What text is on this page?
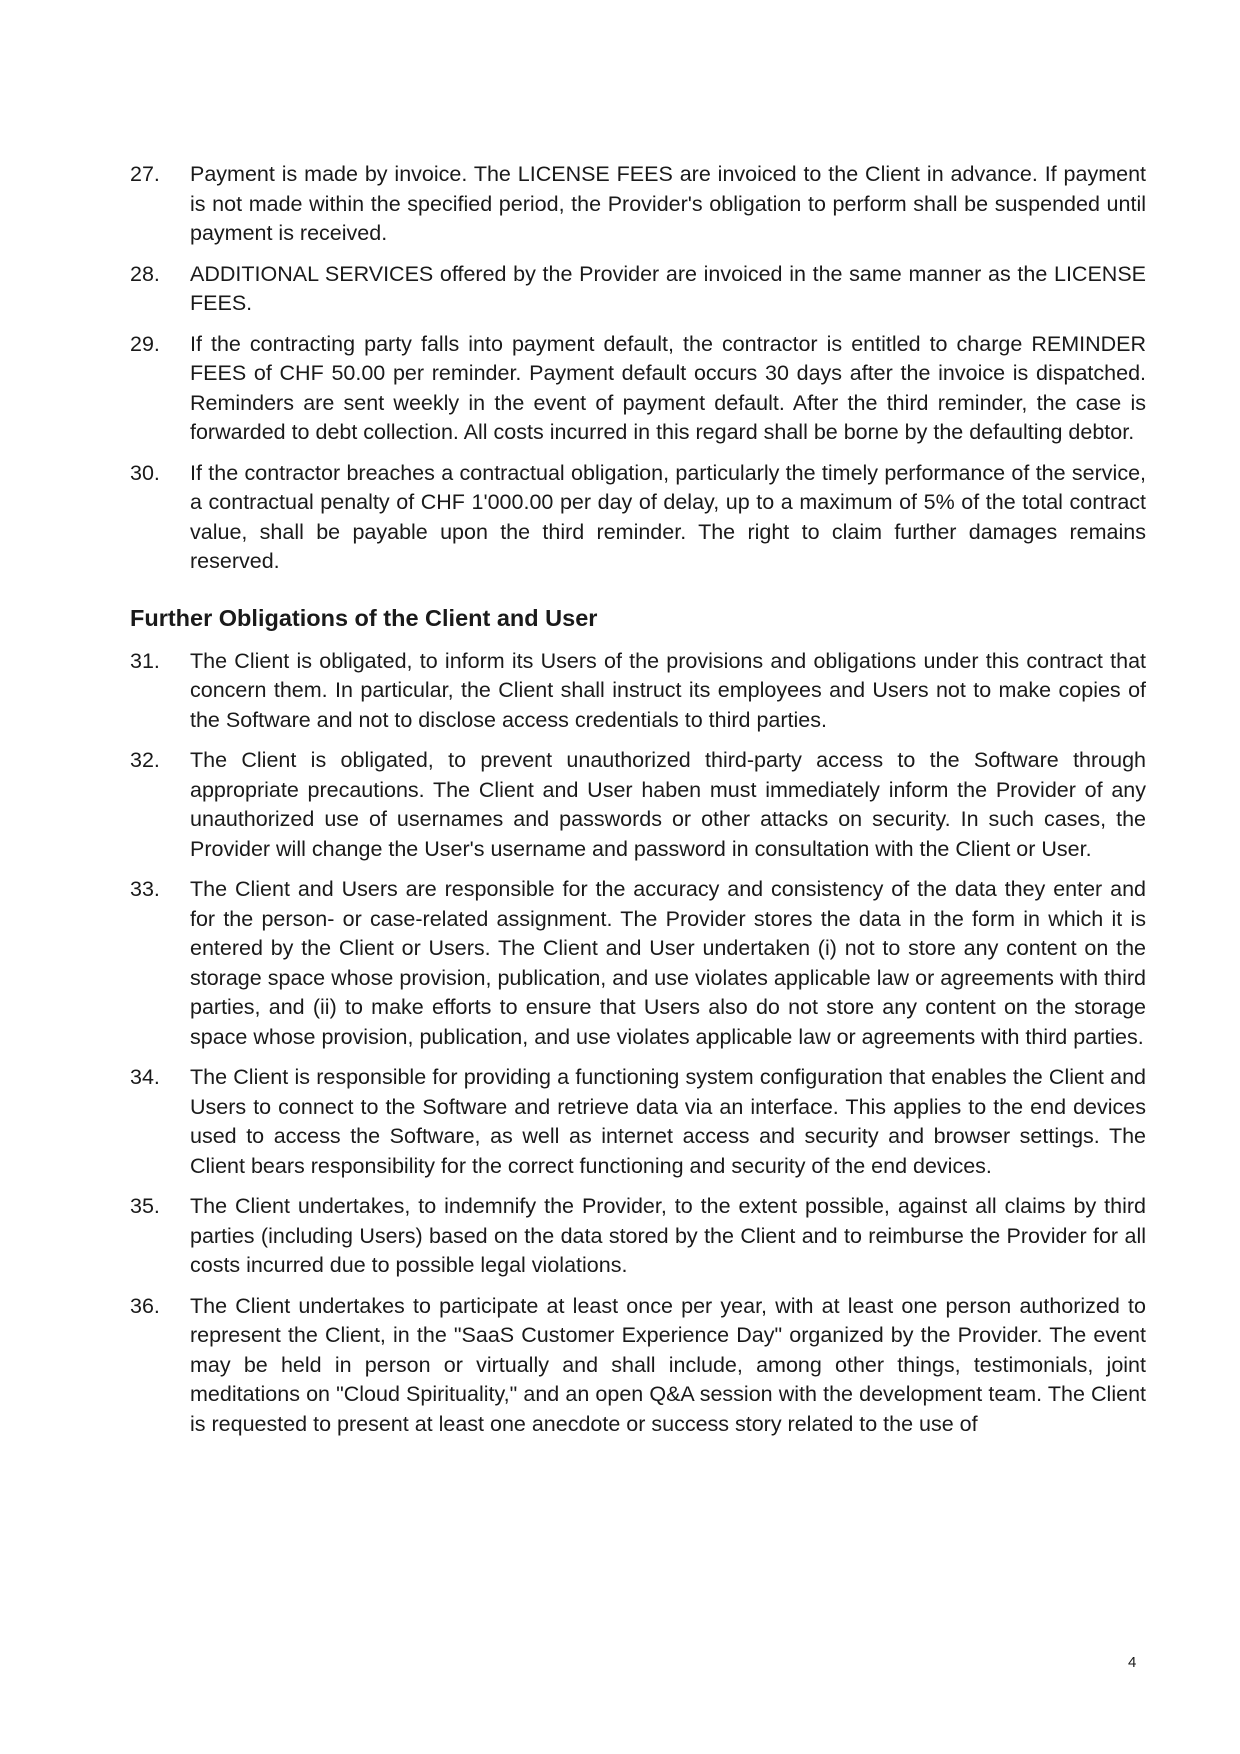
27.	Payment is made by invoice. The LICENSE FEES are invoiced to the Client in advance. If payment is not made within the specified period, the Provider's obligation to perform shall be suspended until payment is received.
28.	ADDITIONAL SERVICES offered by the Provider are invoiced in the same manner as the LICENSE FEES.
29.	If the contracting party falls into payment default, the contractor is entitled to charge REMINDER FEES of CHF 50.00 per reminder. Payment default occurs 30 days after the invoice is dispatched. Reminders are sent weekly in the event of payment default. After the third reminder, the case is forwarded to debt collection. All costs incurred in this regard shall be borne by the defaulting debtor.
30.	If the contractor breaches a contractual obligation, particularly the timely performance of the service, a contractual penalty of CHF 1'000.00 per day of delay, up to a maximum of 5% of the total contract value, shall be payable upon the third reminder. The right to claim further damages remains reserved.
Further Obligations of the Client and User
31.	The Client is obligated, to inform its Users of the provisions and obligations under this contract that concern them. In particular, the Client shall instruct its employees and Users not to make copies of the Software and not to disclose access credentials to third parties.
32.	The Client is obligated, to prevent unauthorized third-party access to the Software through appropriate precautions. The Client and User haben must immediately inform the Provider of any unauthorized use of usernames and passwords or other attacks on security. In such cases, the Provider will change the User's username and password in consultation with the Client or User.
33.	The Client and Users are responsible for the accuracy and consistency of the data they enter and for the person- or case-related assignment. The Provider stores the data in the form in which it is entered by the Client or Users. The Client and User undertaken (i) not to store any content on the storage space whose provision, publication, and use violates applicable law or agreements with third parties, and (ii) to make efforts to ensure that Users also do not store any content on the storage space whose provision, publication, and use violates applicable law or agreements with third parties.
34.	The Client is responsible for providing a functioning system configuration that enables the Client and Users to connect to the Software and retrieve data via an interface. This applies to the end devices used to access the Software, as well as internet access and security and browser settings. The Client bears responsibility for the correct functioning and security of the end devices.
35.	The Client undertakes, to indemnify the Provider, to the extent possible, against all claims by third parties (including Users) based on the data stored by the Client and to reimburse the Provider for all costs incurred due to possible legal violations.
36.	The Client undertakes to participate at least once per year, with at least one person authorized to represent the Client, in the "SaaS Customer Experience Day" organized by the Provider. The event may be held in person or virtually and shall include, among other things, testimonials, joint meditations on "Cloud Spirituality," and an open Q&A session with the development team. The Client is requested to present at least one anecdote or success story related to the use of
4
